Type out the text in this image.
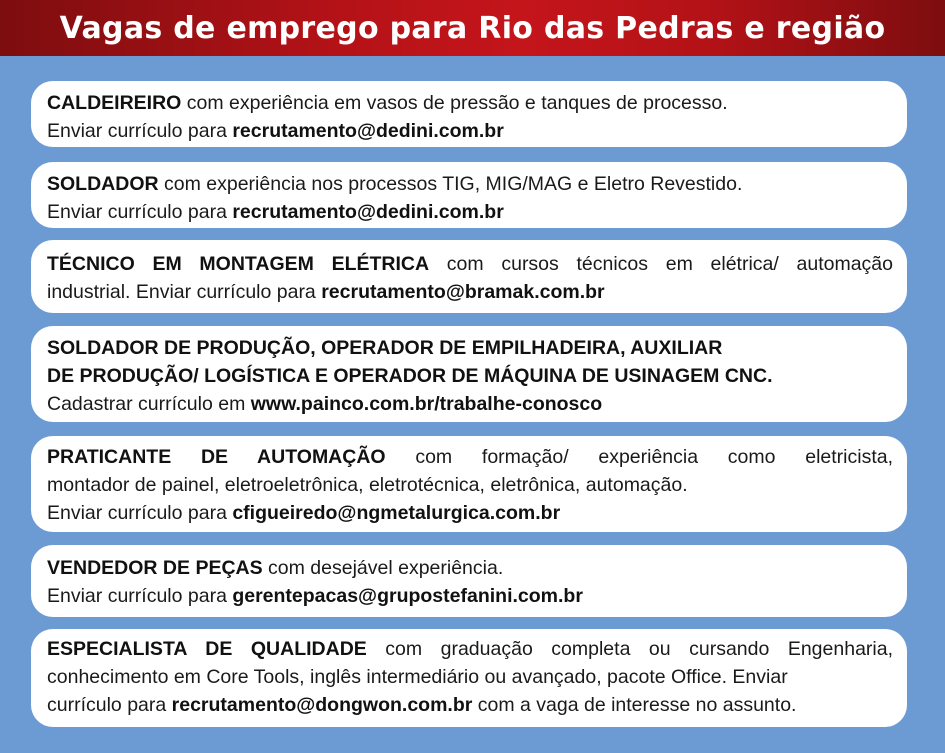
Vagas de emprego para Rio das Pedras e região
CALDEIREIRO com experiência em vasos de pressão e tanques de processo.
Enviar currículo para recrutamento@dedini.com.br
SOLDADOR com experiência nos processos TIG, MIG/MAG e Eletro Revestido.
Enviar currículo para recrutamento@dedini.com.br
TÉCNICO EM MONTAGEM ELÉTRICA com cursos técnicos em elétrica/ automação
industrial. Enviar currículo para recrutamento@bramak.com.br
SOLDADOR DE PRODUÇÃO, OPERADOR DE EMPILHADEIRA, AUXILIAR
DE PRODUÇÃO/ LOGÍSTICA E OPERADOR DE MÁQUINA DE USINAGEM CNC.
Cadastrar currículo em www.painco.com.br/trabalhe-conosco
PRATICANTE DE AUTOMAÇÃO com formação/ experiência como eletricista,
montador de painel, eletroeletrônica, eletrotécnica, eletrônica, automação.
Enviar currículo para cfigueiredo@ngmetalurgica.com.br
VENDEDOR DE PEÇAS com desejável experiência.
Enviar currículo para gerentepacas@grupostefanini.com.br
ESPECIALISTA DE QUALIDADE com graduação completa ou cursando Engenharia,
conhecimento em Core Tools, inglês intermediário ou avançado, pacote Office. Enviar
currículo para recrutamento@dongwon.com.br com a vaga de interesse no assunto.
